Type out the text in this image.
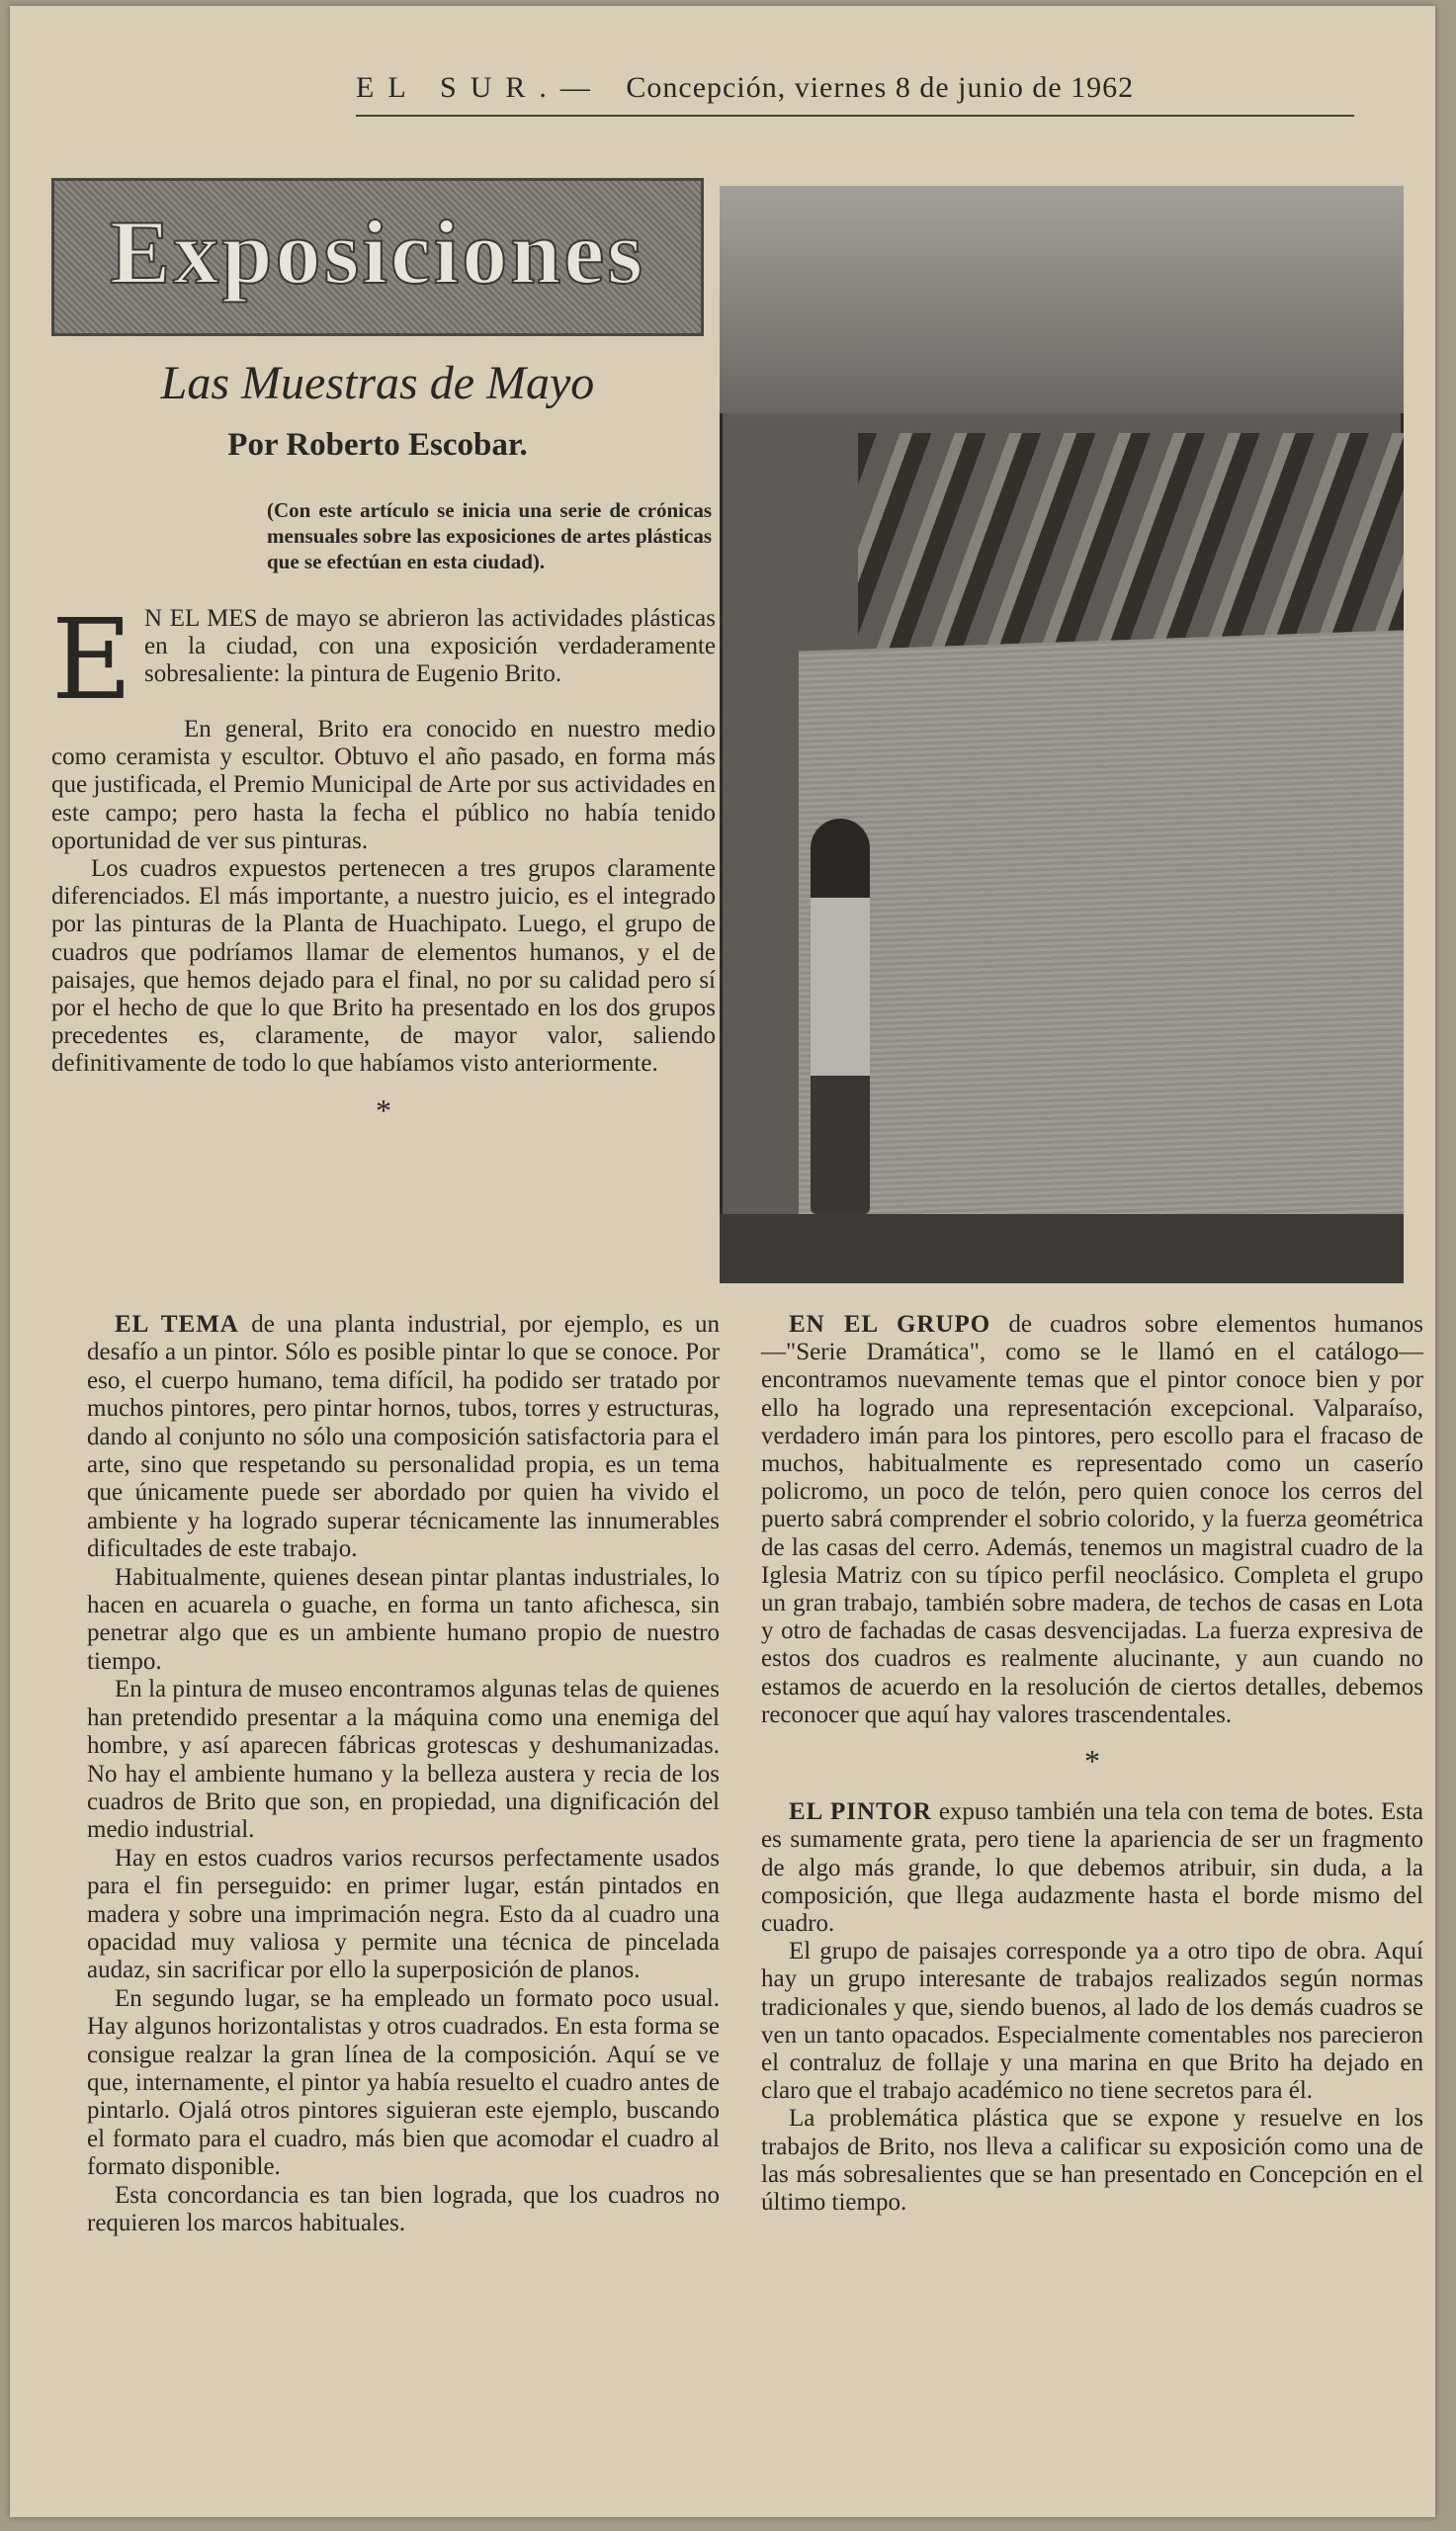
EL SUR.— Concepción, viernes 8 de junio de 1962
Exposiciones
Las Muestras de Mayo
Por Roberto Escobar.
(Con este artículo se inicia una serie de crónicas mensuales sobre las exposiciones de artes plásticas que se efectúan en esta ciudad).
E N EL MES de mayo se abrieron las actividades plásticas en la ciudad, con una exposición verdaderamente sobresaliente: la pintura de Eugenio Brito.

En general, Brito era conocido en nuestro medio como ceramista y escultor. Obtuvo el año pasado, en forma más que justificada, el Premio Municipal de Arte por sus actividades en este campo; pero hasta la fecha el público no había tenido oportunidad de ver sus pinturas.

Los cuadros expuestos pertenecen a tres grupos claramente diferenciados. El más importante, a nuestro juicio, es el integrado por las pinturas de la Planta de Huachipato. Luego, el grupo de cuadros que podríamos llamar de elementos humanos, y el de paisajes, que hemos dejado para el final, no por su calidad pero sí por el hecho de que lo que Brito ha presentado en los dos grupos precedentes es, claramente, de mayor valor, saliendo definitivamente de todo lo que habíamos visto anteriormente.

*

EL TEMA de una planta industrial, por ejemplo, es un desafío a un pintor. Sólo es posible pintar lo que se conoce. Por eso, el cuerpo humano, tema difícil, ha podido ser tratado por muchos pintores, pero pintar hornos, tubos, torres y estructuras, dando al conjunto no sólo una composición satisfactoria para el arte, sino que respetando su personalidad propia, es un tema que únicamente puede ser abordado por quien ha vivido el ambiente y ha logrado superar técnicamente las innumerables dificultades de este trabajo.

Habitualmente, quienes desean pintar plantas industriales, lo hacen en acuarela o guache, en forma un tanto afichesca, sin penetrar algo que es un ambiente humano propio de nuestro tiempo.

En la pintura de museo encontramos algunas telas de quienes han pretendido presentar a la máquina como una enemiga del hombre, y así aparecen fábricas grotescas y deshumanizadas. No hay el ambiente humano y la belleza austera y recia de los cuadros de Brito que son, en propiedad, una dignificación del medio industrial.

Hay en estos cuadros varios recursos perfectamente usados para el fin perseguido: en primer lugar, están pintados en madera y sobre una imprimación negra. Esto da al cuadro una opacidad muy valiosa y permite una técnica de pincelada audaz, sin sacrificar por ello la superposición de planos.

En segundo lugar, se ha empleado un formato poco usual. Hay algunos horizontalistas y otros cuadrados. En esta forma se consigue realzar la gran línea de la composición. Aquí se ve que, internamente, el pintor ya había resuelto el cuadro antes de pintarlo. Ojalá otros pintores siguieran este ejemplo, buscando el formato para el cuadro, más bien que acomodar el cuadro al formato disponible.

Esta concordancia es tan bien lograda, que los cuadros no requieren los marcos habituales.

EN EL GRUPO de cuadros sobre elementos humanos —"Serie Dramática", como se le llamó en el catálogo— encontramos nuevamente temas que el pintor conoce bien y por ello ha logrado una representación excepcional. Valparaíso, verdadero imán para los pintores, pero escollo para el fracaso de muchos, habitualmente es representado como un caserío policromo, un poco de telón, pero quien conoce los cerros del puerto sabrá comprender el sobrio colorido, y la fuerza geométrica de las casas del cerro. Además, tenemos un magistral cuadro de la Iglesia Matriz con su típico perfil neoclásico. Completa el grupo un gran trabajo, también sobre madera, de techos de casas en Lota y otro de fachadas de casas desvencijadas. La fuerza expresiva de estos dos cuadros es realmente alucinante, y aun cuando no estamos de acuerdo en la resolución de ciertos detalles, debemos reconocer que aquí hay valores trascendentales.

*

EL PINTOR expuso también una tela con tema de botes. Esta es sumamente grata, pero tiene la apariencia de ser un fragmento de algo más grande, lo que debemos atribuir, sin duda, a la composición, que llega audazmente hasta el borde mismo del cuadro.

El grupo de paisajes corresponde ya a otro tipo de obra. Aquí hay un grupo interesante de trabajos realizados según normas tradicionales y que, siendo buenos, al lado de los demás cuadros se ven un tanto opacados. Especialmente comentables nos parecieron el contraluz de follaje y una marina en que Brito ha dejado en claro que el trabajo académico no tiene secretos para él.

La problemática plástica que se expone y resuelve en los trabajos de Brito, nos lleva a calificar su exposición como una de las más sobresalientes que se han presentado en Concepción en el último tiempo.
